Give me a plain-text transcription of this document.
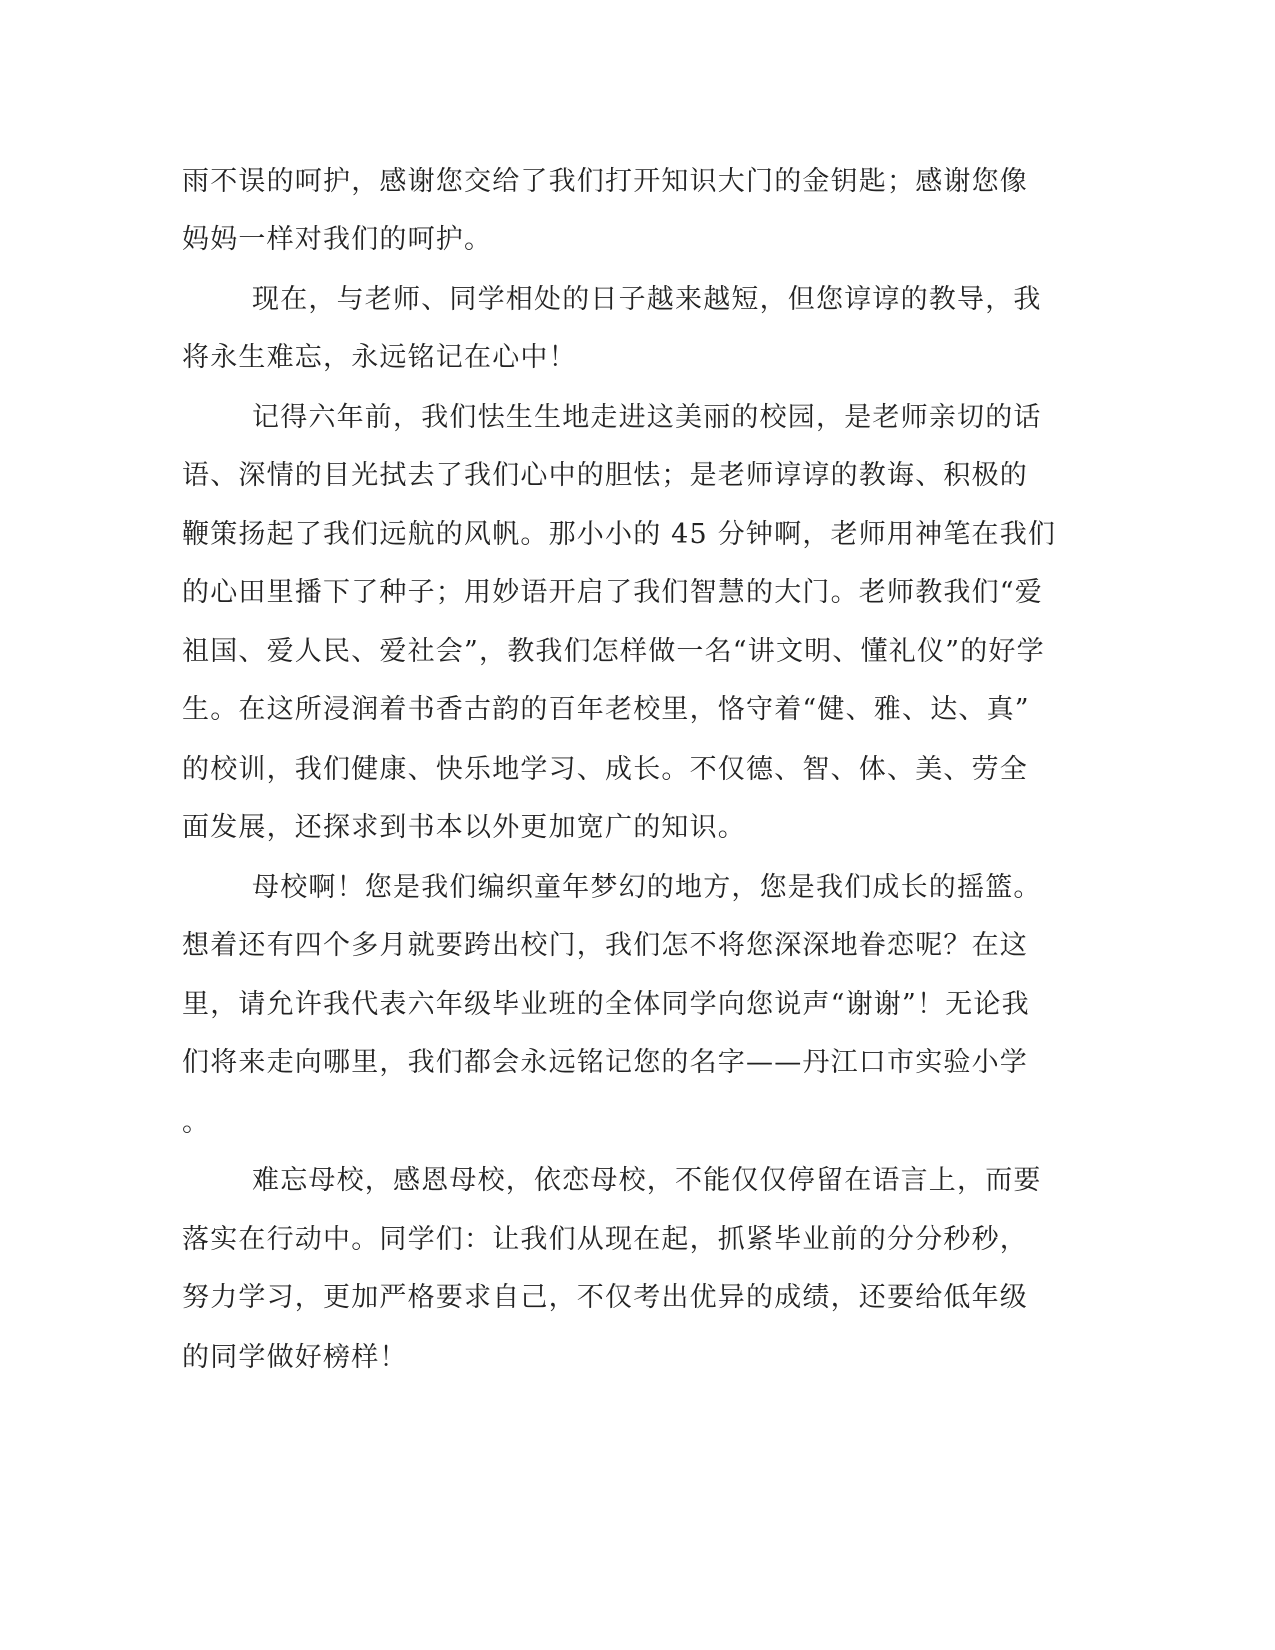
雨不误的呵护，感谢您交给了我们打开知识大门的金钥匙；感谢您像
妈妈一样对我们的呵护。
现在，与老师、同学相处的日子越来越短，但您谆谆的教导，我
将永生难忘，永远铭记在心中！
记得六年前，我们怯生生地走进这美丽的校园，是老师亲切的话
语、深情的目光拭去了我们心中的胆怯；是老师谆谆的教诲、积极的
鞭策扬起了我们远航的风帆。那小小的 45 分钟啊，老师用神笔在我们
的心田里播下了种子；用妙语开启了我们智慧的大门。老师教我们“爱
祖国、爱人民、爱社会”，教我们怎样做一名“讲文明、懂礼仪”的好学
生。在这所浸润着书香古韵的百年老校里，恪守着“健、雅、达、真”
的校训，我们健康、快乐地学习、成长。不仅德、智、体、美、劳全
面发展，还探求到书本以外更加宽广的知识。
母校啊！您是我们编织童年梦幻的地方，您是我们成长的摇篮。
想着还有四个多月就要跨出校门，我们怎不将您深深地眷恋呢？在这
里，请允许我代表六年级毕业班的全体同学向您说声“谢谢”！无论我
们将来走向哪里，我们都会永远铭记您的名字——丹江口市实验小学
。
难忘母校，感恩母校，依恋母校，不能仅仅停留在语言上，而要
落实在行动中。同学们：让我们从现在起，抓紧毕业前的分分秒秒，
努力学习，更加严格要求自己，不仅考出优异的成绩，还要给低年级
的同学做好榜样！
